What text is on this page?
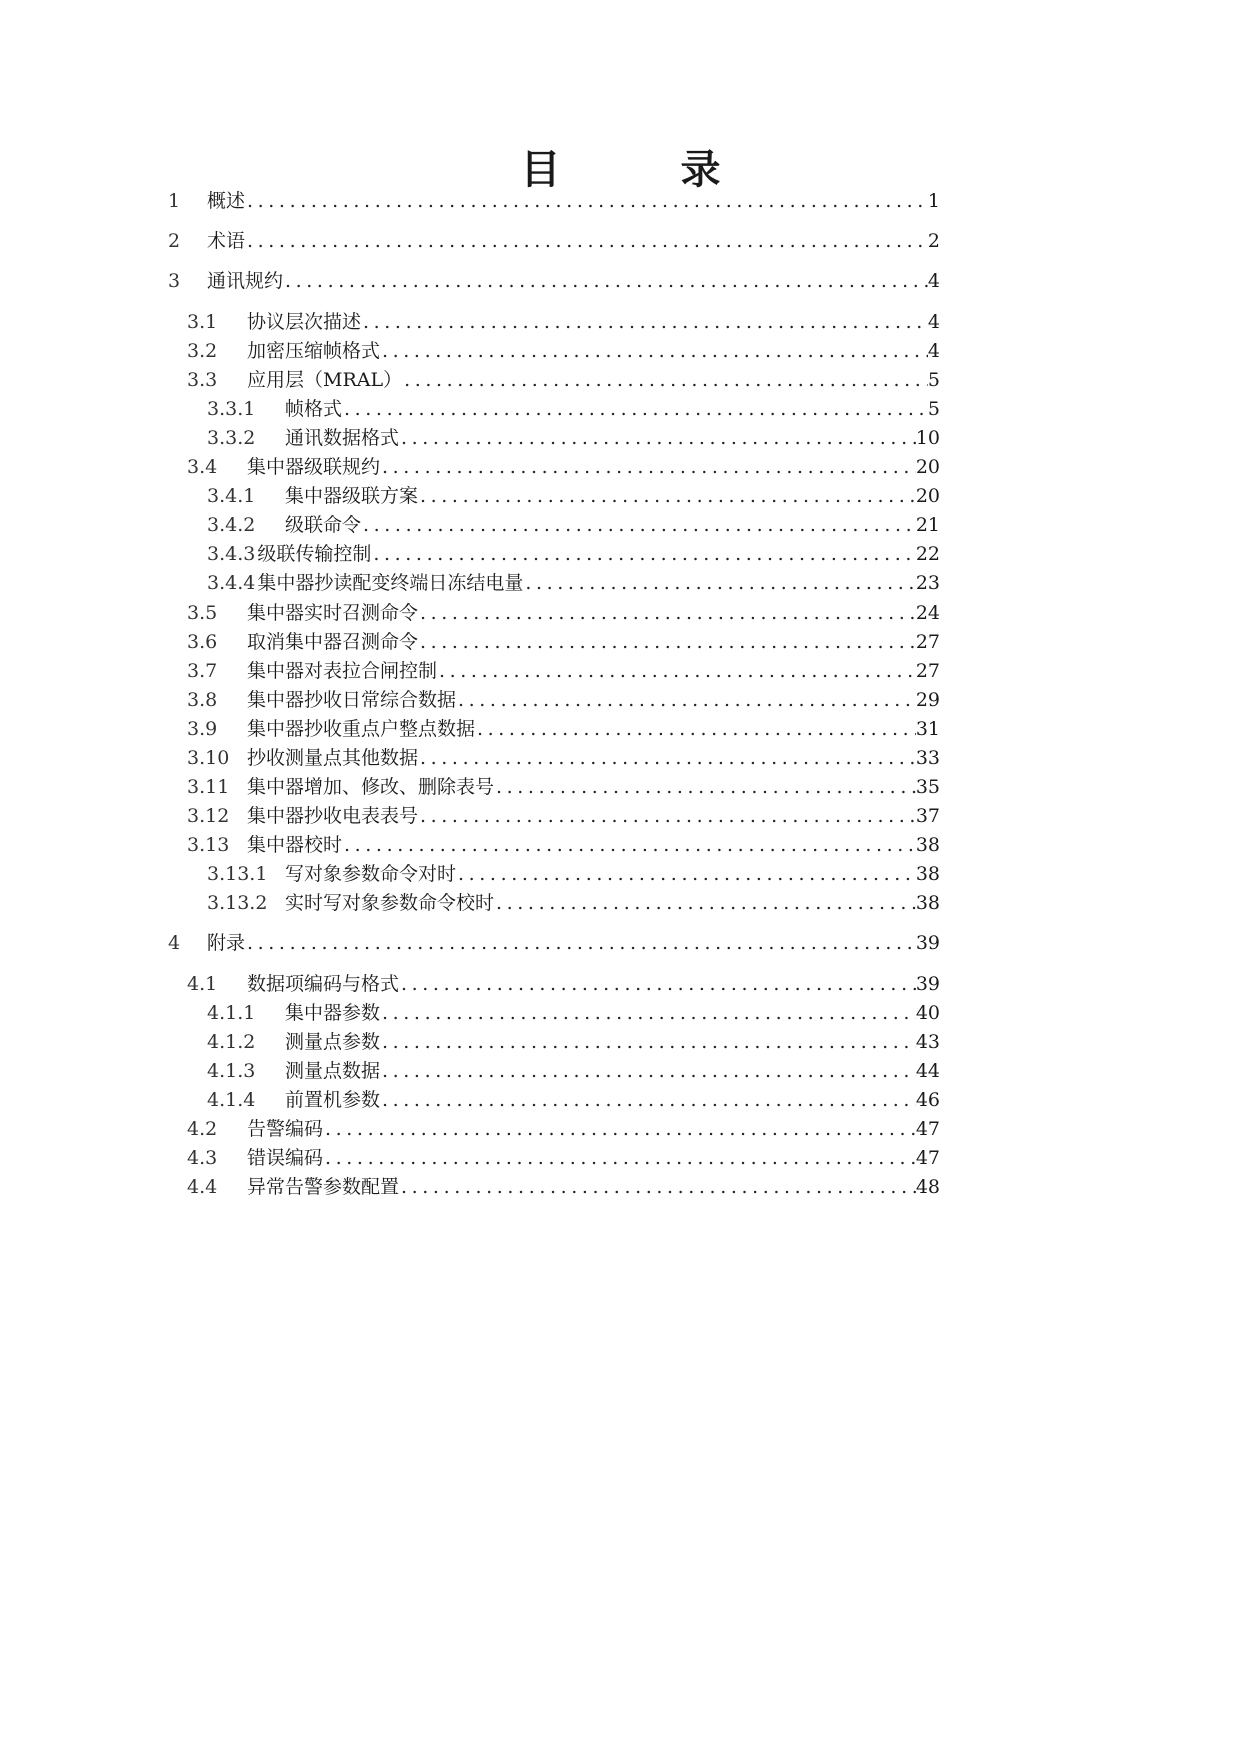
目　录
1	概述 .....	1
2	术语 .....	2
3	通讯规约 .....	4
3.1	协议层次描述 .....	4
3.2	加密压缩帧格式 .....	4
3.3	应用层（MRAL） .....	5
3.3.1	帧格式 .....	5
3.3.2	通讯数据格式 .....	10
3.4	集中器级联规约 .....	20
3.4.1	集中器级联方案 .....	20
3.4.2	级联命令 .....	21
3.4.3 级联传输控制 .....	22
3.4.4 集中器抄读配变终端日冻结电量 .....	23
3.5	集中器实时召测命令 .....	24
3.6	取消集中器召测命令 .....	27
3.7	集中器对表拉合闸控制 .....	27
3.8	集中器抄收日常综合数据 .....	29
3.9	集中器抄收重点户整点数据 .....	31
3.10 抄收测量点其他数据 .....	33
3.11 集中器增加、修改、删除表号 .....	35
3.12 集中器抄收电表表号 .....	37
3.13 集中器校时 .....	38
3.13.1 写对象参数命令对时 .....	38
3.13.2 实时写对象参数命令校时 .....	38
4	附录 .....	39
4.1	数据项编码与格式 .....	39
4.1.1	集中器参数 .....	40
4.1.2	测量点参数 .....	43
4.1.3	测量点数据 .....	44
4.1.4	前置机参数 .....	46
4.2	告警编码 .....	47
4.3	错误编码 .....	47
4.4	异常告警参数配置 .....	48
